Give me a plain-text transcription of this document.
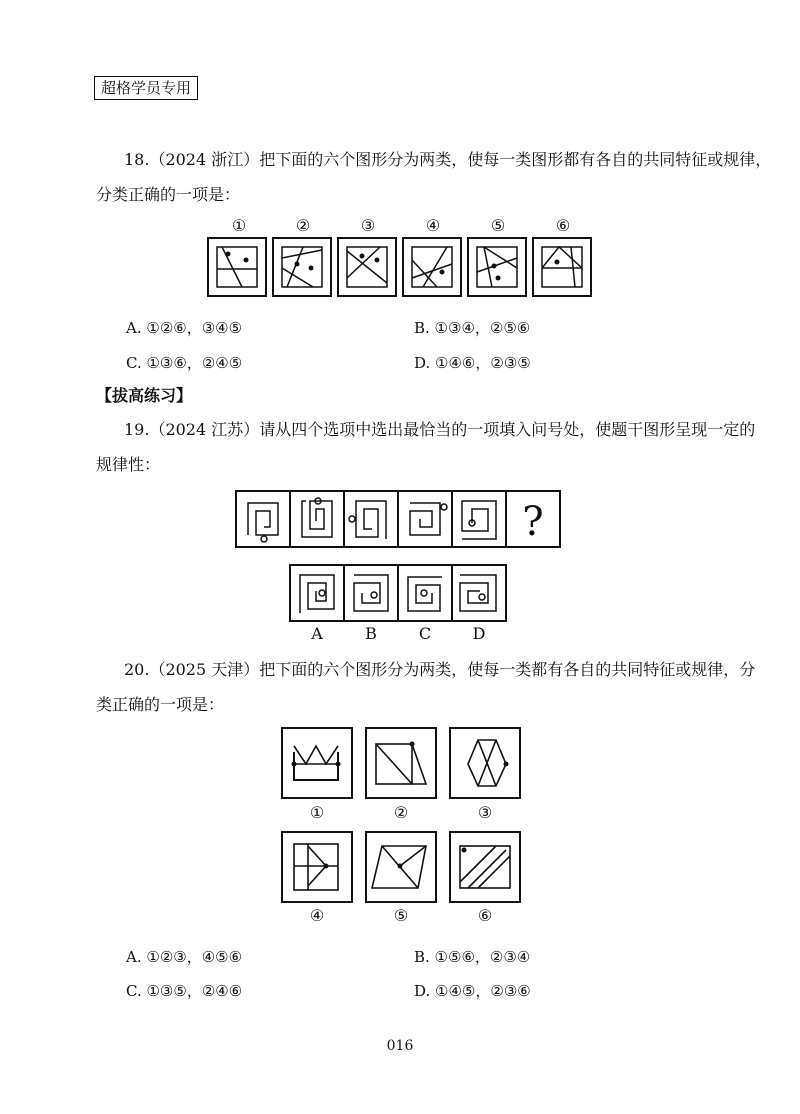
超格学员专用
18.（2024 浙江）把下面的六个图形分为两类，使每一类图形都有各自的共同特征或规律，
分类正确的一项是：
①	②	③	④	⑤	⑥
A. ①②⑥，③④⑤	B. ①③④，②⑤⑥
C. ①③⑥，②④⑤	D. ①④⑥，②③⑤
【拔高练习】
19.（2024 江苏）请从四个选项中选出最恰当的一项填入问号处，使题干图形呈现一定的
规律性：
?
A	B	C	D
20.（2025 天津）把下面的六个图形分为两类，使每一类都有各自的共同特征或规律，分
类正确的一项是：
①	②	③
④	⑤	⑥
A. ①②③，④⑤⑥	B. ①⑤⑥，②③④
C. ①③⑤，②④⑥	D. ①④⑤，②③⑥
016
